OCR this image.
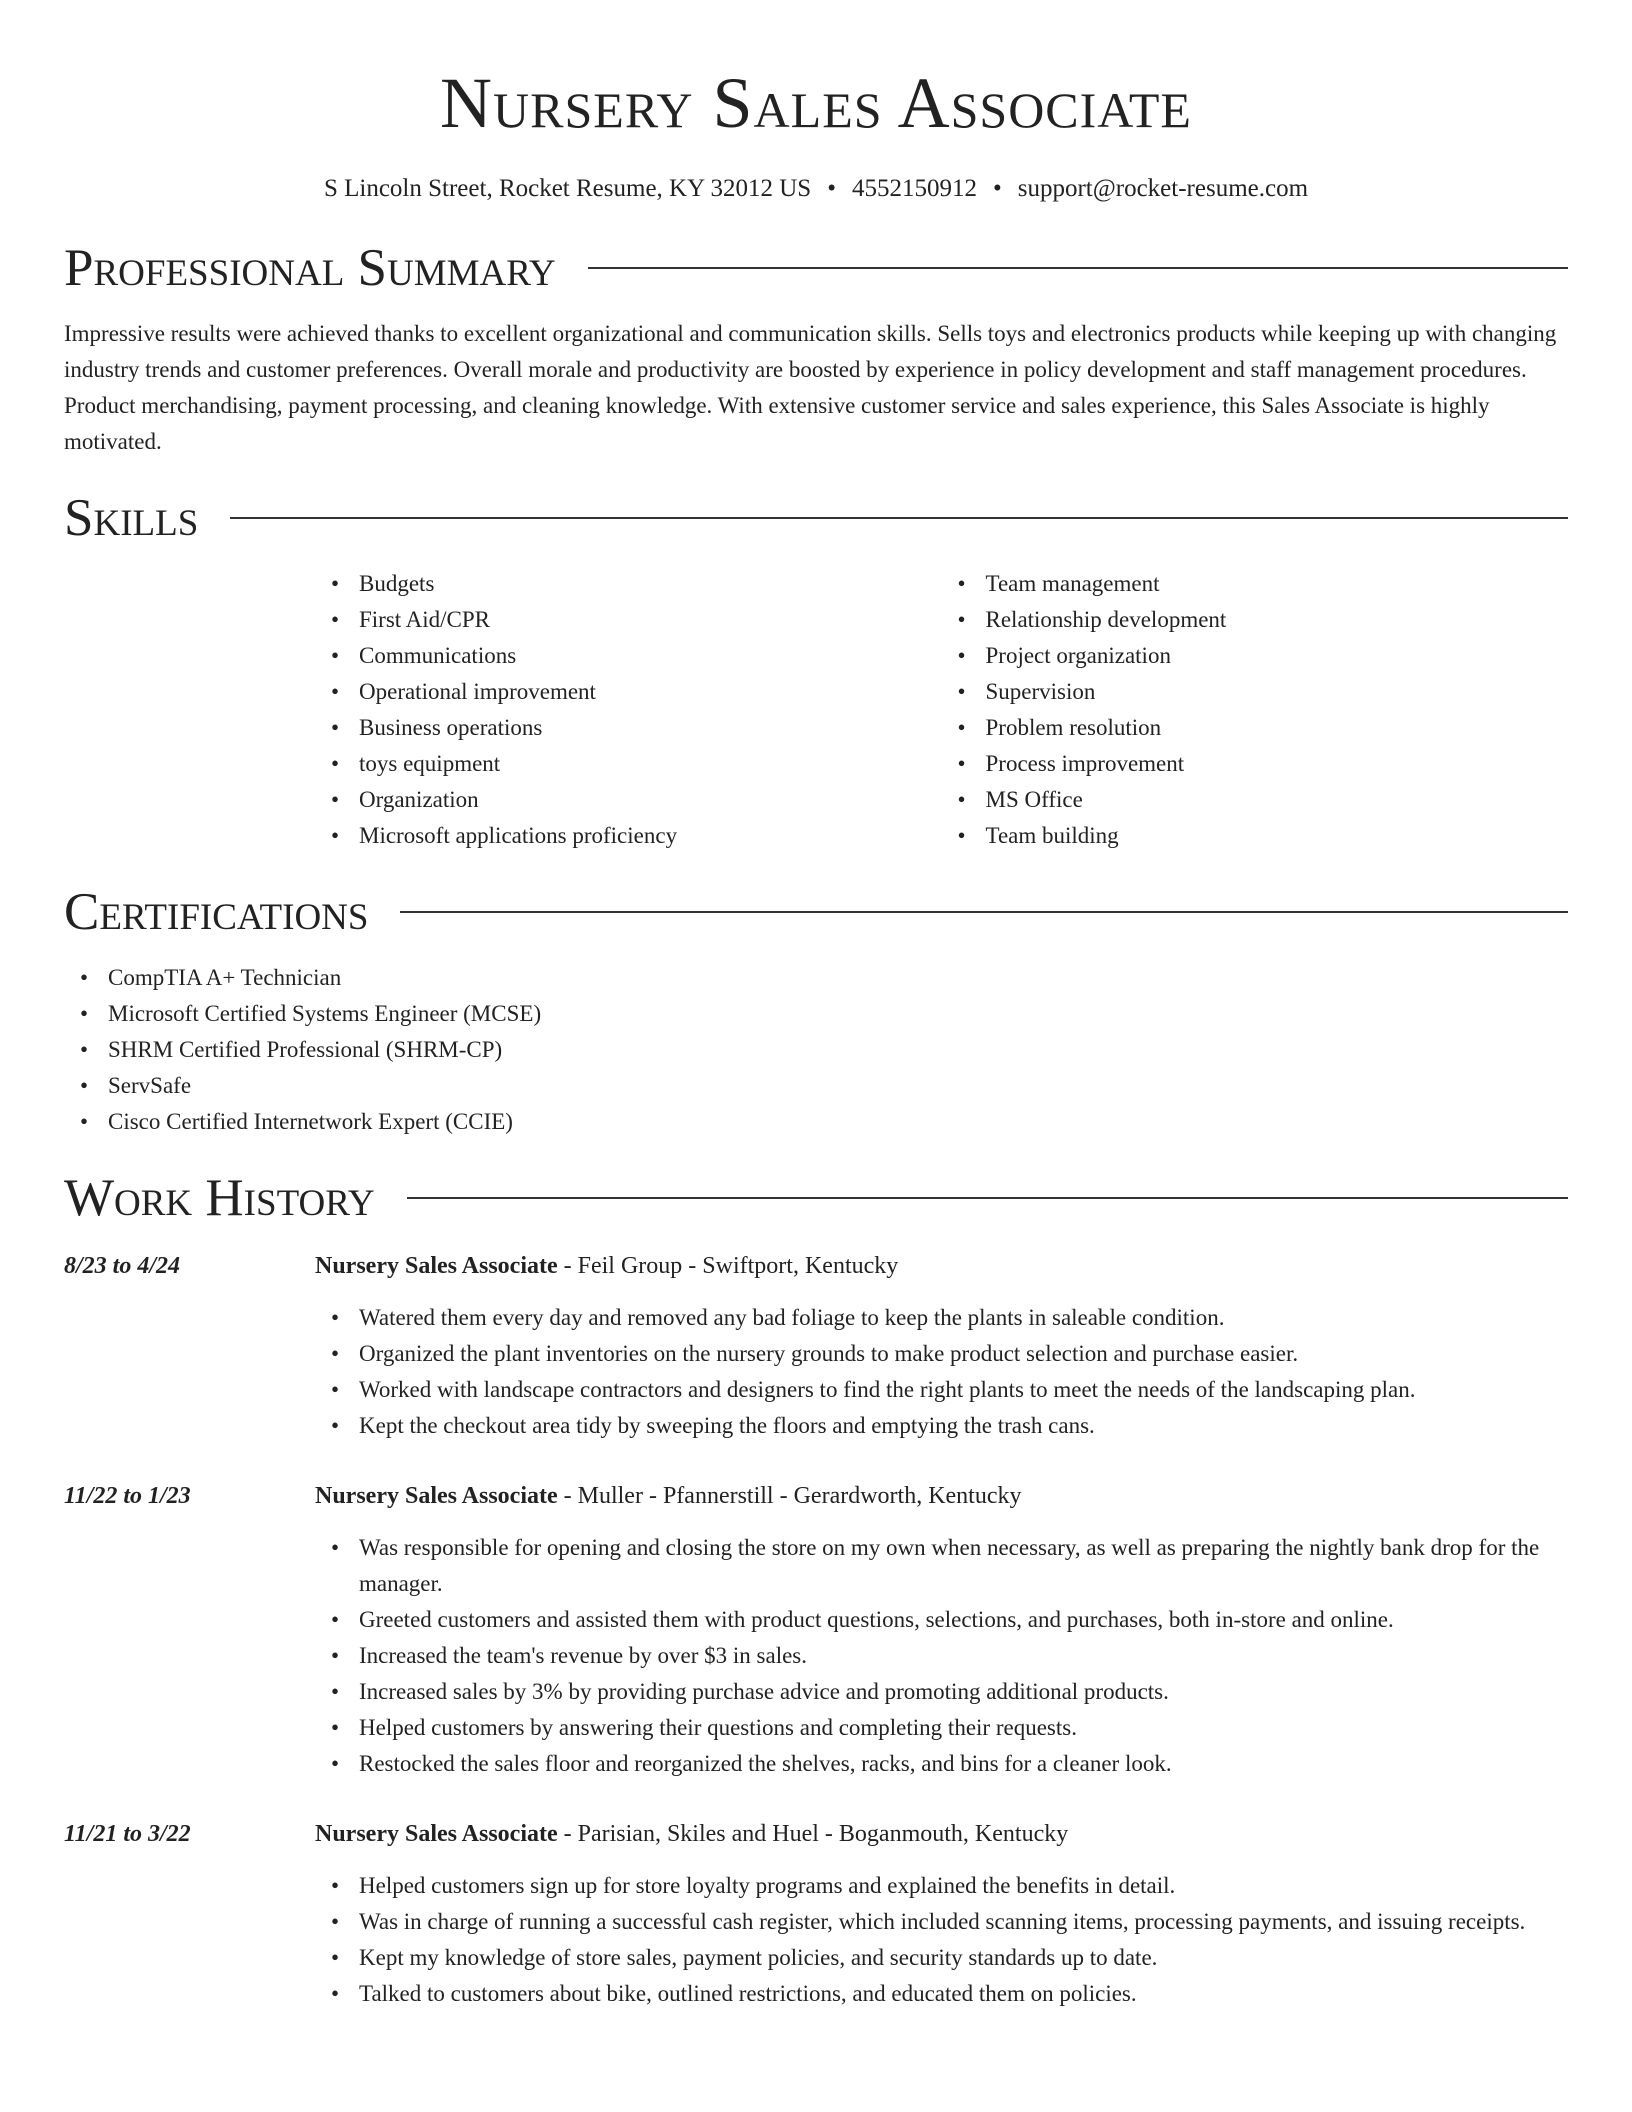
Nursery Sales Associate
S Lincoln Street, Rocket Resume, KY 32012 US • 4552150912 • support@rocket-resume.com
Professional Summary

Impressive results were achieved thanks to excellent organizational and communication skills. Sells toys and electronics products while keeping up with changing industry trends and customer preferences. Overall morale and productivity are boosted by experience in policy development and staff management procedures. Product merchandising, payment processing, and cleaning knowledge. With extensive customer service and sales experience, this Sales Associate is highly motivated.

Skills
• Budgets
• First Aid/CPR
• Communications
• Operational improvement
• Business operations
• toys equipment
• Organization
• Microsoft applications proficiency
• Team management
• Relationship development
• Project organization
• Supervision
• Problem resolution
• Process improvement
• MS Office
• Team building
Certifications
• CompTIA A+ Technician
• Microsoft Certified Systems Engineer (MCSE)
• SHRM Certified Professional (SHRM-CP)
• ServSafe
• Cisco Certified Internetwork Expert (CCIE)
Work History
8/23 to 4/24	Nursery Sales Associate - Feil Group - Swiftport, Kentucky
• Watered them every day and removed any bad foliage to keep the plants in saleable condition.
• Organized the plant inventories on the nursery grounds to make product selection and purchase easier.
• Worked with landscape contractors and designers to find the right plants to meet the needs of the landscaping plan.
• Kept the checkout area tidy by sweeping the floors and emptying the trash cans.
11/22 to 1/23	Nursery Sales Associate - Muller - Pfannerstill - Gerardworth, Kentucky
• Was responsible for opening and closing the store on my own when necessary, as well as preparing the nightly bank drop for the manager.
• Greeted customers and assisted them with product questions, selections, and purchases, both in-store and online.
• Increased the team's revenue by over $3 in sales.
• Increased sales by 3% by providing purchase advice and promoting additional products.
• Helped customers by answering their questions and completing their requests.
• Restocked the sales floor and reorganized the shelves, racks, and bins for a cleaner look.
11/21 to 3/22	Nursery Sales Associate - Parisian, Skiles and Huel - Boganmouth, Kentucky
• Helped customers sign up for store loyalty programs and explained the benefits in detail.
• Was in charge of running a successful cash register, which included scanning items, processing payments, and issuing receipts.
• Kept my knowledge of store sales, payment policies, and security standards up to date.
• Talked to customers about bike, outlined restrictions, and educated them on policies.
